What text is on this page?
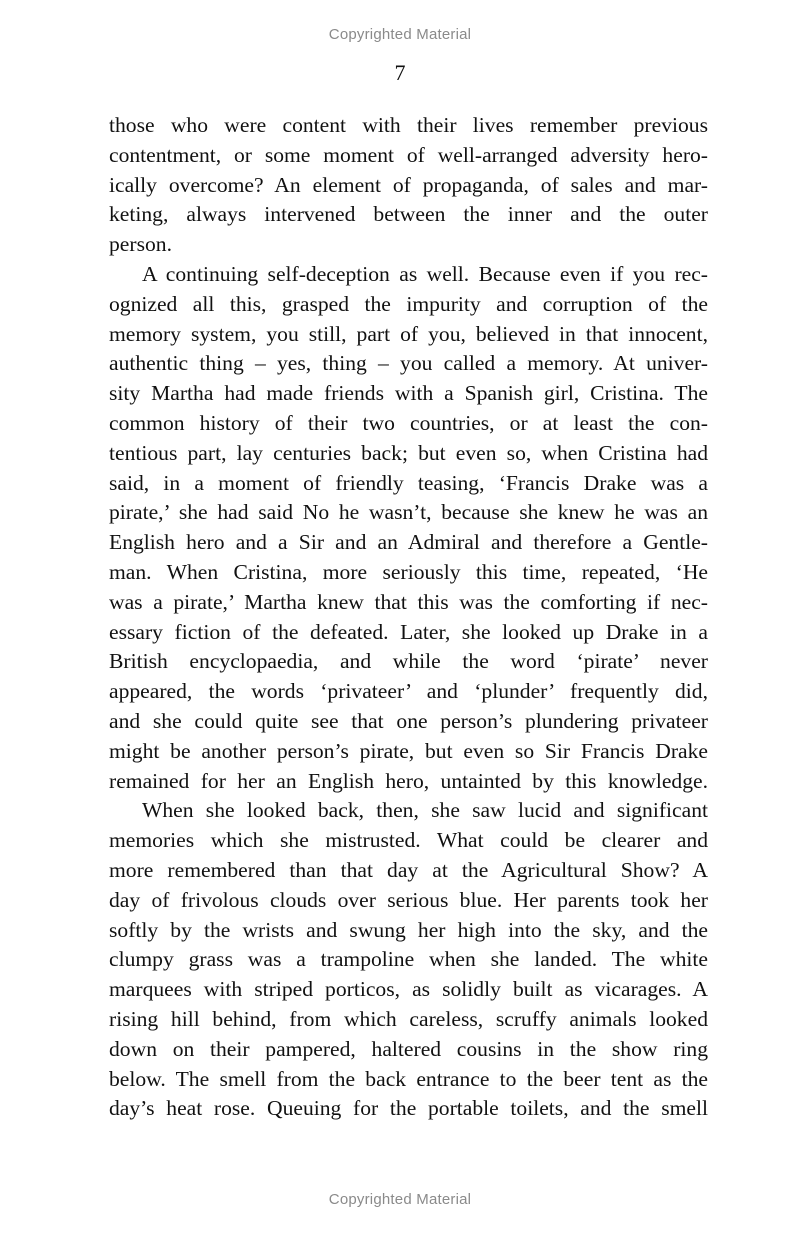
Copyrighted Material
7
those who were content with their lives remember previous
contentment, or some moment of well-arranged adversity hero-
ically overcome? An element of propaganda, of sales and mar-
keting, always intervened between the inner and the outer
person.
A continuing self-deception as well. Because even if you rec-
ognized all this, grasped the impurity and corruption of the
memory system, you still, part of you, believed in that innocent,
authentic thing – yes, thing – you called a memory. At univer-
sity Martha had made friends with a Spanish girl, Cristina. The
common history of their two countries, or at least the con-
tentious part, lay centuries back; but even so, when Cristina had
said, in a moment of friendly teasing, ‘Francis Drake was a
pirate,’ she had said No he wasn’t, because she knew he was an
English hero and a Sir and an Admiral and therefore a Gentle-
man. When Cristina, more seriously this time, repeated, ‘He
was a pirate,’ Martha knew that this was the comforting if nec-
essary fiction of the defeated. Later, she looked up Drake in a
British encyclopaedia, and while the word ‘pirate’ never
appeared, the words ‘privateer’ and ‘plunder’ frequently did,
and she could quite see that one person’s plundering privateer
might be another person’s pirate, but even so Sir Francis Drake
remained for her an English hero, untainted by this knowledge.
When she looked back, then, she saw lucid and significant
memories which she mistrusted. What could be clearer and
more remembered than that day at the Agricultural Show? A
day of frivolous clouds over serious blue. Her parents took her
softly by the wrists and swung her high into the sky, and the
clumpy grass was a trampoline when she landed. The white
marquees with striped porticos, as solidly built as vicarages. A
rising hill behind, from which careless, scruffy animals looked
down on their pampered, haltered cousins in the show ring
below. The smell from the back entrance to the beer tent as the
day’s heat rose. Queuing for the portable toilets, and the smell
Copyrighted Material
